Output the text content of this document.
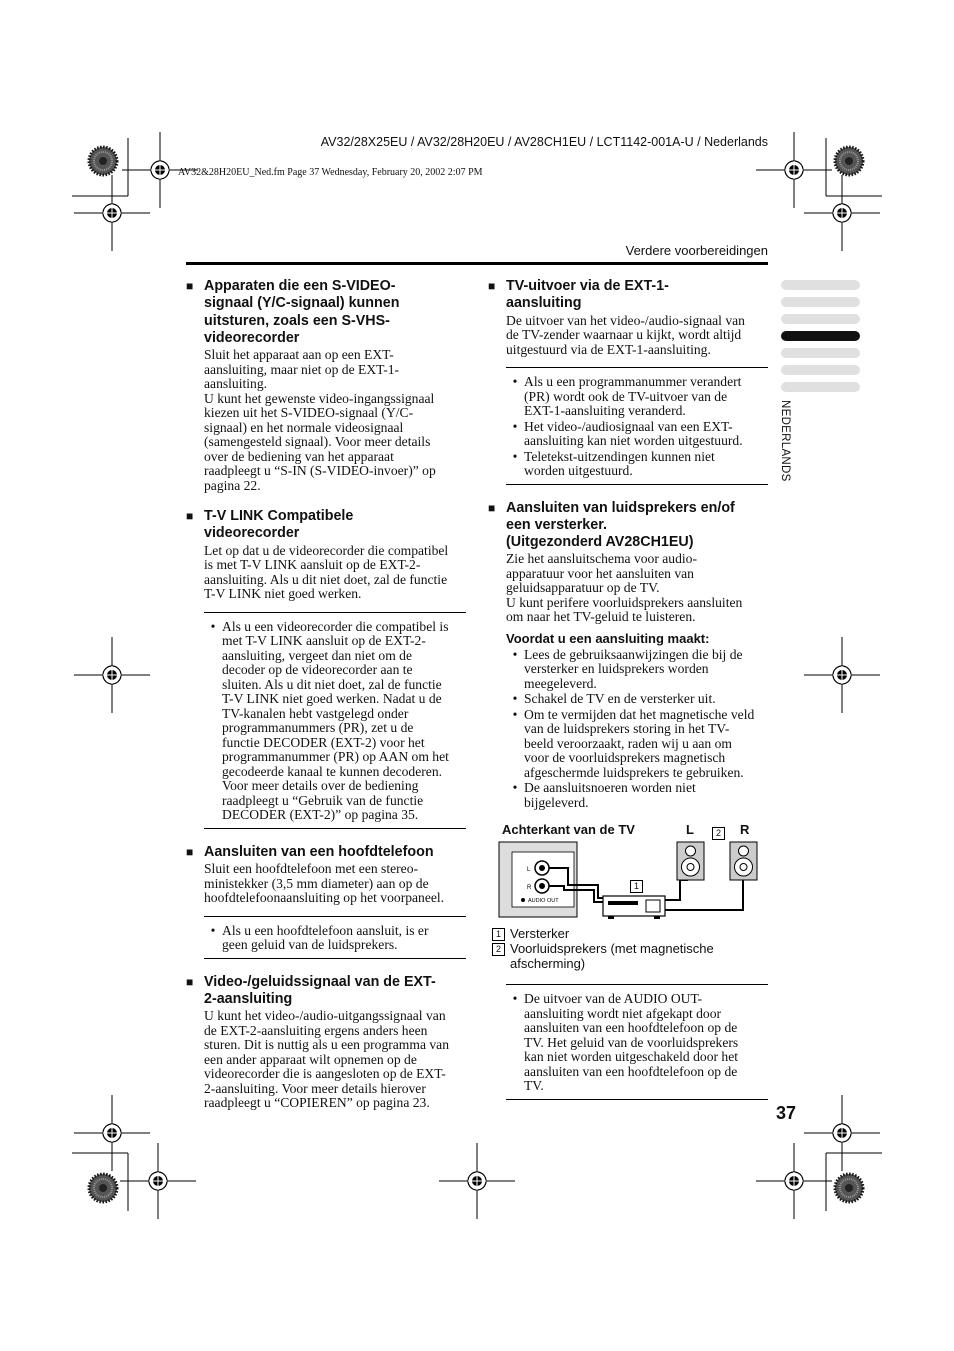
AV32/28X25EU / AV32/28H20EU / AV28CH1EU / LCT1142-001A-U / Nederlands
AV32&28H20EU_Ned.fm Page 37 Wednesday, February 20, 2002 2:07 PM
Verdere voorbereidingen
NEDERLANDS
■ Apparaten die een S-VIDEO-
signaal (Y/C-signaal) kunnen
uitsturen, zoals een S-VHS-
videorecorder
Sluit het apparaat aan op een EXT-
aansluiting, maar niet op de EXT-1-
aansluiting.
U kunt het gewenste video-ingangssignaal
kiezen uit het S-VIDEO-signaal (Y/C-
signaal) en het normale videosignaal
(samengesteld signaal). Voor meer details
over de bediening van het apparaat
raadpleegt u “S-IN (S-VIDEO-invoer)” op
pagina 22.
■ T-V LINK Compatibele
videorecorder
Let op dat u de videorecorder die compatibel
is met T-V LINK aansluit op de EXT-2-
aansluiting. Als u dit niet doet, zal de functie
T-V LINK niet goed werken.
• Als u een videorecorder die compatibel is
met T-V LINK aansluit op de EXT-2-
aansluiting, vergeet dan niet om de
decoder op de videorecorder aan te
sluiten. Als u dit niet doet, zal de functie
T-V LINK niet goed werken. Nadat u de
TV-kanalen hebt vastgelegd onder
programmanummers (PR), zet u de
functie DECODER (EXT-2) voor het
programmanummer (PR) op AAN om het
gecodeerde kanaal te kunnen decoderen.
Voor meer details over de bediening
raadpleegt u “Gebruik van de functie
DECODER (EXT-2)” op pagina 35.
■ Aansluiten van een hoofdtelefoon
Sluit een hoofdtelefoon met een stereo-
ministekker (3,5 mm diameter) aan op de
hoofdtelefoonaansluiting op het voorpaneel.
• Als u een hoofdtelefoon aansluit, is er
geen geluid van de luidsprekers.
■ Video-/geluidssignaal van de EXT-
2-aansluiting
U kunt het video-/audio-uitgangssignaal van
de EXT-2-aansluiting ergens anders heen
sturen. Dit is nuttig als u een programma van
een ander apparaat wilt opnemen op de
videorecorder die is aangesloten op de EXT-
2-aansluiting. Voor meer details hierover
raadpleegt u “COPIEREN” op pagina 23.
■ TV-uitvoer via de EXT-1-
aansluiting
De uitvoer van het video-/audio-signaal van
de TV-zender waarnaar u kijkt, wordt altijd
uitgestuurd via de EXT-1-aansluiting.
• Als u een programmanummer verandert
(PR) wordt ook de TV-uitvoer van de
EXT-1-aansluiting veranderd.
• Het video-/audiosignaal van een EXT-
aansluiting kan niet worden uitgestuurd.
• Teletekst-uitzendingen kunnen niet
worden uitgestuurd.
■ Aansluiten van luidsprekers en/of
een versterker.
(Uitgezonderd AV28CH1EU)
Zie het aansluitschema voor audio-
apparatuur voor het aansluiten van
geluidsapparatuur op de TV.
U kunt perifere voorluidsprekers aansluiten
om naar het TV-geluid te luisteren.
Voordat u een aansluiting maakt:
• Lees de gebruiksaanwijzingen die bij de
versterker en luidsprekers worden
meegeleverd.
• Schakel de TV en de versterker uit.
• Om te vermijden dat het magnetische veld
van de luidsprekers storing in het TV-
beeld veroorzaakt, raden wij u aan om
voor de voorluidsprekers magnetisch
afgeschermde luidsprekers te gebruiken.
• De aansluitsnoeren worden niet
bijgeleverd.
Achterkant van de TV	L	R
2
1
L
R
AUDIO OUT
1 Versterker
2 Voorluidsprekers (met magnetische
afscherming)
• De uitvoer van de AUDIO OUT-
aansluiting wordt niet afgekapt door
aansluiten van een hoofdtelefoon op de
TV. Het geluid van de voorluidsprekers
kan niet worden uitgeschakeld door het
aansluiten van een hoofdtelefoon op de
TV.
37
